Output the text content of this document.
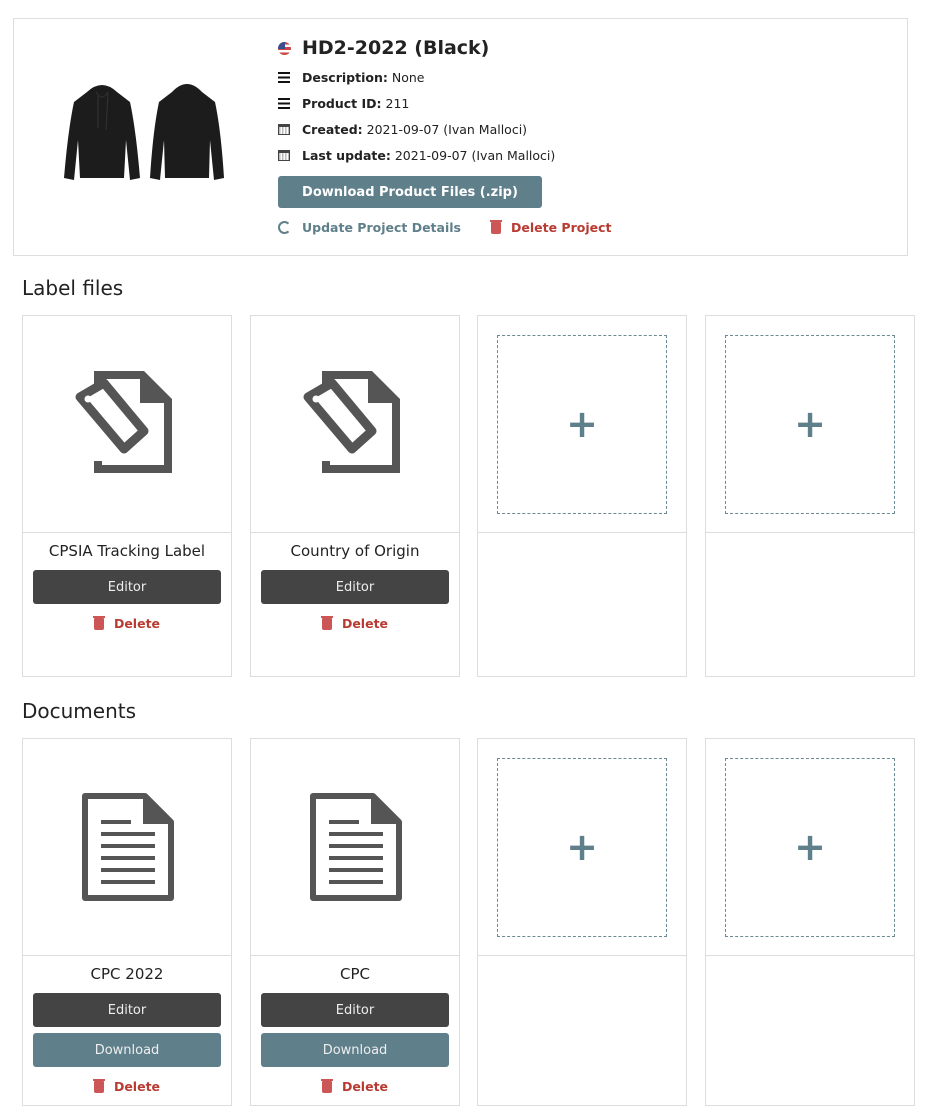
HD2-2022 (Black)
Description: None
Product ID: 211
Created: 2021-09-07 (Ivan Malloci)
Last update: 2021-09-07 (Ivan Malloci)
Download Product Files (.zip)
Update Project Details	Delete Project
Label files
CPSIA Tracking Label
Editor
Delete
Country of Origin
Editor
Delete
+	+
Documents
CPC 2022
Editor
Download
Delete
CPC
Editor
Download
Delete
+	+
